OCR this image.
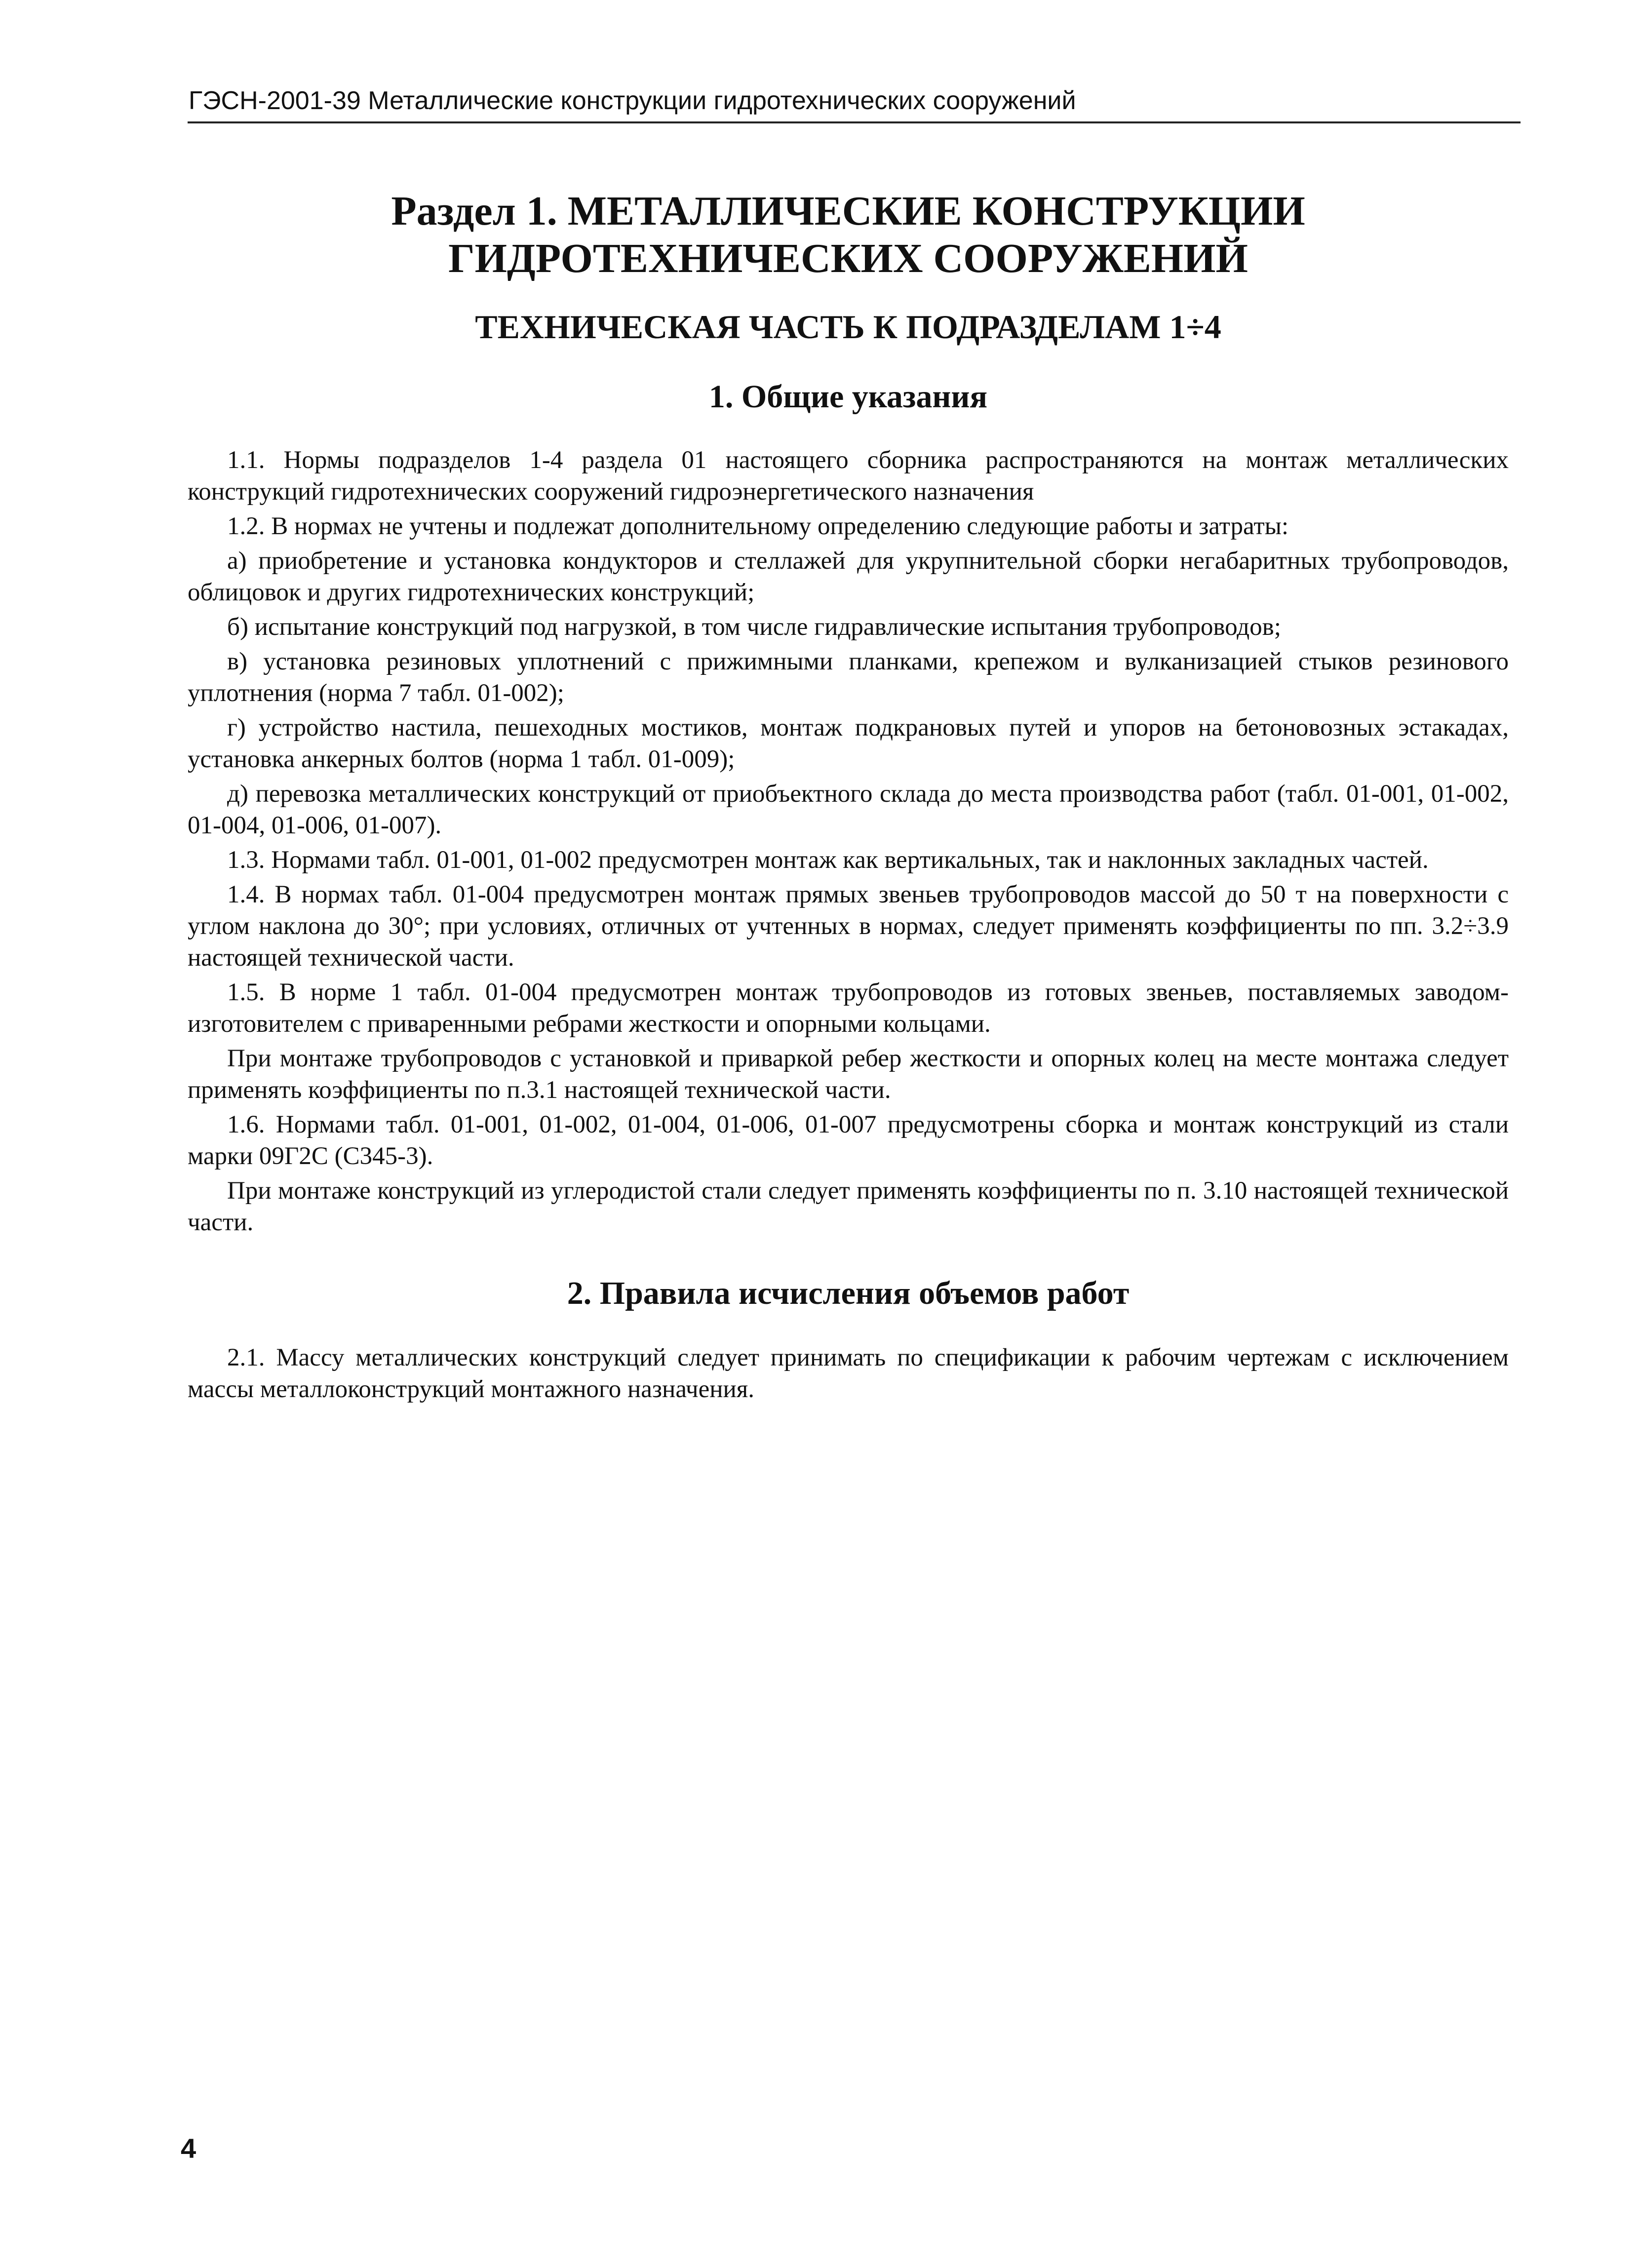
ГЭСН-2001-39 Металлические конструкции гидротехнических сооружений
Раздел 1. МЕТАЛЛИЧЕСКИЕ КОНСТРУКЦИИ ГИДРОТЕХНИЧЕСКИХ СООРУЖЕНИЙ
ТЕХНИЧЕСКАЯ ЧАСТЬ К ПОДРАЗДЕЛАМ 1÷4
1. Общие указания

1.1. Нормы подразделов 1-4 раздела 01 настоящего сборника распространяются на монтаж металлических конструкций гидротехнических сооружений гидроэнергетического назначения

1.2. В нормах не учтены и подлежат дополнительному определению следующие работы и затраты:

а) приобретение и установка кондукторов и стеллажей для укрупнительной сборки негабаритных трубопроводов, облицовок и других гидротехнических конструкций;

б) испытание конструкций под нагрузкой, в том числе гидравлические испытания трубопроводов;

в) установка резиновых уплотнений с прижимными планками, крепежом и вулканизацией стыков резинового уплотнения (норма 7 табл. 01-002);

г) устройство настила, пешеходных мостиков, монтаж подкрановых путей и упоров на бетоновозных эстакадах, установка анкерных болтов (норма 1 табл. 01-009);

д) перевозка металлических конструкций от приобъектного склада до места производства работ (табл. 01-001, 01-002, 01-004, 01-006, 01-007).

1.3. Нормами табл. 01-001, 01-002 предусмотрен монтаж как вертикальных, так и наклонных закладных частей.

1.4. В нормах табл. 01-004 предусмотрен монтаж прямых звеньев трубопроводов массой до 50 т на поверхности с углом наклона до 30°; при условиях, отличных от учтенных в нормах, следует применять коэффициенты по пп. 3.2÷3.9 настоящей технической части.

1.5. В норме 1 табл. 01-004 предусмотрен монтаж трубопроводов из готовых звеньев, поставляемых заводом-изготовителем с приваренными ребрами жесткости и опорными кольцами.

При монтаже трубопроводов с установкой и приваркой ребер жесткости и опорных колец на месте монтажа следует применять коэффициенты по п.3.1 настоящей технической части.

1.6. Нормами табл. 01-001, 01-002, 01-004, 01-006, 01-007 предусмотрены сборка и монтаж конструкций из стали марки 09Г2С (С345-3).

При монтаже конструкций из углеродистой стали следует применять коэффициенты по п. 3.10 настоящей технической части.

2. Правила исчисления объемов работ

2.1. Массу металлических конструкций следует принимать по спецификации к рабочим чертежам с исключением массы металлоконструкций монтажного назначения.

4
